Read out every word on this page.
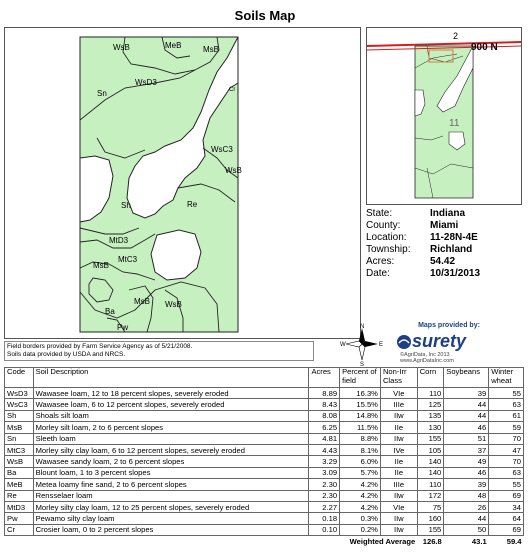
Soils Map
WsB	MeB	MsB
WsD3
Sn	Cr
WsC3
WsB
Sh	Re
MtD3
MtC3
MsB
Ba
MsB WsB
Pw
2
900 N
11
State:	Indiana
County:	Miami
Location:	11-28N-4E
Township:	Richland
Acres:	54.42
Date:	10/31/2013
Field borders provided by Farm Service Agency as of 5/21/2008.
Soils data provided by USDA and NRCS.
N
S
E
W
Maps provided by:
surety
©AgriData, Inc 2013
www.AgriDataInc.com
Code	Soil Description	Acres	Percent of field	Non-Irr Class	Corn	Soybeans	Winter wheat
WsD3	Wawasee loam, 12 to 18 percent slopes, severely eroded	8.89	16.3%	VIe	110	39	55
WsC3	Wawasee loam, 6 to 12 percent slopes, severely eroded	8.43	15.5%	IIIe	125	44	63
Sh	Shoals silt loam	8.08	14.8%	IIw	135	44	61
MsB	Morley silt loam, 2 to 6 percent slopes	6.25	11.5%	IIe	130	46	59
Sn	Sleeth loam	4.81	8.8%	IIw	155	51	70
MtC3	Morley silty clay loam, 6 to 12 percent slopes, severely eroded	4.43	8.1%	IVe	105	37	47
WsB	Wawasee sandy loam, 2 to 6 percent slopes	3.29	6.0%	IIe	140	49	70
Ba	Blount loam, 1 to 3 percent slopes	3.09	5.7%	IIe	140	46	63
MeB	Metea loamy fine sand, 2 to 6 percent slopes	2.30	4.2%	IIIe	110	39	55
Re	Rensselaer loam	2.30	4.2%	IIw	172	48	69
MtD3	Morley silty clay loam, 12 to 25 percent slopes, severely eroded	2.27	4.2%	VIe	75	26	34
Pw	Pewamo silty clay loam	0.18	0.3%	IIw	160	44	64
Cr	Crosier loam, 0 to 2 percent slopes	0.10	0.2%	IIw	155	50	69
Weighted Average					126.8	43.1	59.4
